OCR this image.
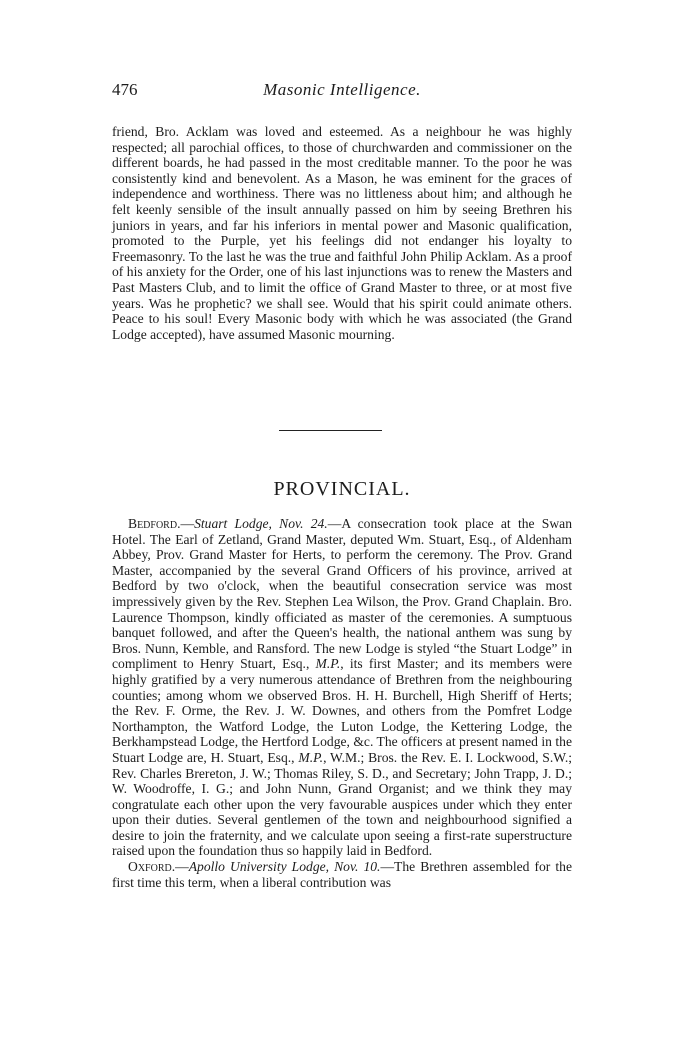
476	Masonic Intelligence.

friend, Bro. Acklam was loved and esteemed. As a neighbour he was highly respected; all parochial offices, to those of churchwarden and commissioner on the different boards, he had passed in the most creditable manner. To the poor he was consistently kind and benevolent. As a Mason, he was eminent for the graces of independence and worthiness. There was no littleness about him; and although he felt keenly sensible of the insult annually passed on him by seeing Brethren his juniors in years, and far his inferiors in mental power and Masonic qualification, promoted to the Purple, yet his feelings did not endanger his loyalty to Freemasonry. To the last he was the true and faithful John Philip Acklam. As a proof of his anxiety for the Order, one of his last injunctions was to renew the Masters and Past Masters Club, and to limit the office of Grand Master to three, or at most five years. Was he prophetic? we shall see. Would that his spirit could animate others. Peace to his soul! Every Masonic body with which he was associated (the Grand Lodge accepted), have assumed Masonic mourning.

PROVINCIAL.

Bedford.—Stuart Lodge, Nov. 24.—A consecration took place at the Swan Hotel. The Earl of Zetland, Grand Master, deputed Wm. Stuart, Esq., of Aldenham Abbey, Prov. Grand Master for Herts, to perform the ceremony. The Prov. Grand Master, accompanied by the several Grand Officers of his province, arrived at Bedford by two o'clock, when the beautiful consecration service was most impressively given by the Rev. Stephen Lea Wilson, the Prov. Grand Chaplain. Bro. Laurence Thompson, kindly officiated as master of the ceremonies. A sumptuous banquet followed, and after the Queen's health, the national anthem was sung by Bros. Nunn, Kemble, and Ransford. The new Lodge is styled “the Stuart Lodge” in compliment to Henry Stuart, Esq., M.P., its first Master; and its members were highly gratified by a very numerous attendance of Brethren from the neighbouring counties; among whom we observed Bros. H. H. Burchell, High Sheriff of Herts; the Rev. F. Orme, the Rev. J. W. Downes, and others from the Pomfret Lodge Northampton, the Watford Lodge, the Luton Lodge, the Kettering Lodge, the Berkhampstead Lodge, the Hertford Lodge, &c. The officers at present named in the Stuart Lodge are, H. Stuart, Esq., M.P., W.M.; Bros. the Rev. E. I. Lockwood, S.W.; Rev. Charles Brereton, J. W.; Thomas Riley, S. D., and Secretary; John Trapp, J. D.; W. Woodroffe, I. G.; and John Nunn, Grand Organist; and we think they may congratulate each other upon the very favourable auspices under which they enter upon their duties. Several gentlemen of the town and neighbourhood signified a desire to join the fraternity, and we calculate upon seeing a first-rate superstructure raised upon the foundation thus so happily laid in Bedford.

Oxford.—Apollo University Lodge, Nov. 10.—The Brethren assembled for the first time this term, when a liberal contribution was
